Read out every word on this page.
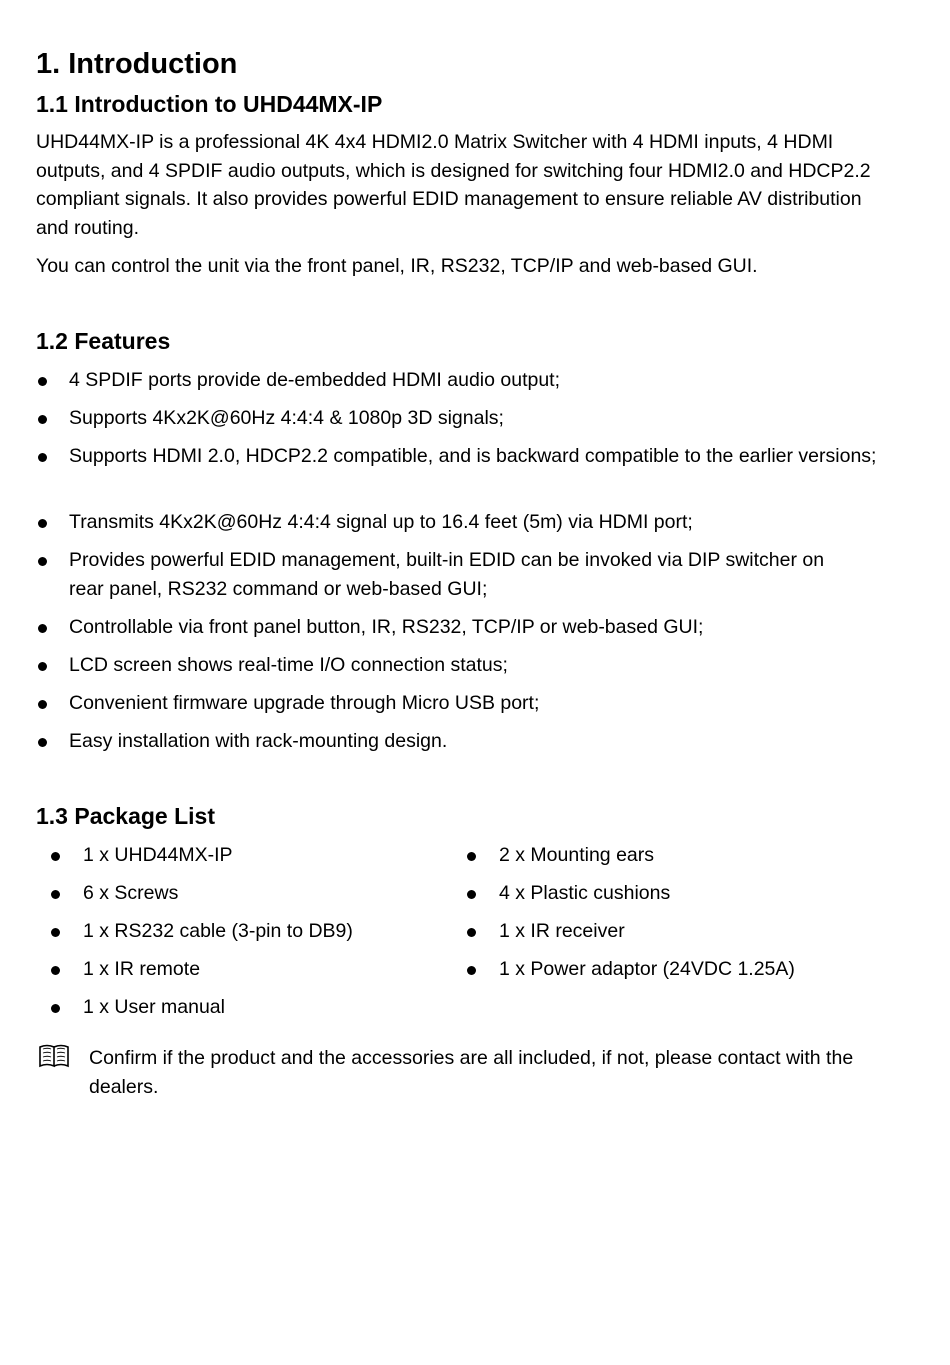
1. Introduction
1.1 Introduction to UHD44MX-IP

UHD44MX-IP is a professional 4K 4x4 HDMI2.0 Matrix Switcher with 4 HDMI inputs, 4 HDMI outputs, and 4 SPDIF audio outputs, which is designed for switching four HDMI2.0 and HDCP2.2 compliant signals. It also provides powerful EDID management to ensure reliable AV distribution and routing.

You can control the unit via the front panel, IR, RS232, TCP/IP and web-based GUI.

1.2 Features
4 SPDIF ports provide de-embedded HDMI audio output;
Supports 4Kx2K@60Hz 4:4:4 & 1080p 3D signals;
Supports HDMI 2.0, HDCP2.2 compatible, and is backward compatible to the earlier versions;
Transmits 4Kx2K@60Hz 4:4:4 signal up to 16.4 feet (5m) via HDMI port;
Provides powerful EDID management, built-in EDID can be invoked via DIP switcher on rear panel, RS232 command or web-based GUI;
Controllable via front panel button, IR, RS232, TCP/IP or web-based GUI;
LCD screen shows real-time I/O connection status;
Convenient firmware upgrade through Micro USB port;
Easy installation with rack-mounting design.
1.3 Package List
1 x UHD44MX-IP
6 x Screws
1 x RS232 cable (3-pin to DB9)
1 x IR remote
1 x User manual
2 x Mounting ears
4 x Plastic cushions
1 x IR receiver
1 x Power adaptor (24VDC 1.25A)
Confirm if the product and the accessories are all included, if not, please contact with the dealers.
